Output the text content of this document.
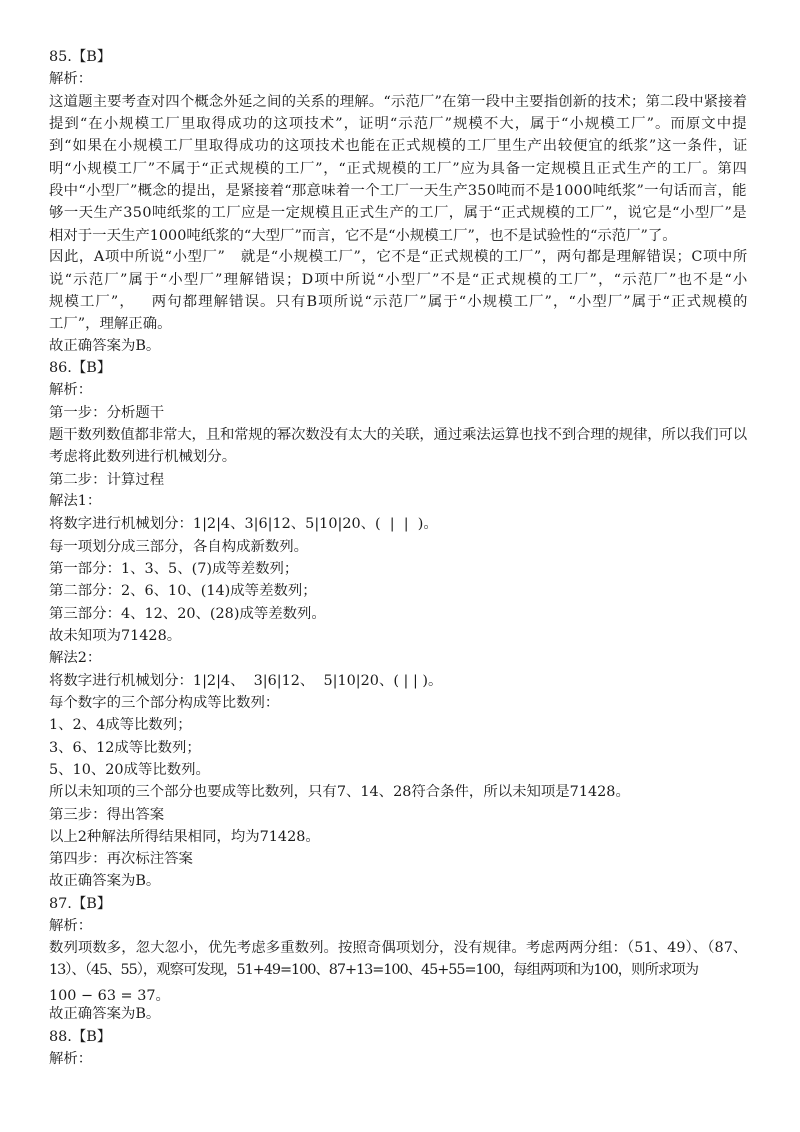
85.【B】
解析：
这道题主要考查对四个概念外延之间的关系的理解。“示范厂”在第一段中主要指创新的技术；第二段中紧接着
提到“在小规模工厂里取得成功的这项技术”，证明“示范厂”规模不大，属于“小规模工厂”。而原文中提
到“如果在小规模工厂里取得成功的这项技术也能在正式规模的工厂里生产出较便宜的纸浆”这一条件，证
明“小规模工厂”不属于“正式规模的工厂”，“正式规模的工厂”应为具备一定规模且正式生产的工厂。第四
段中“小型厂”概念的提出，是紧接着“那意味着一个工厂一天生产350吨而不是1000吨纸浆”一句话而言，能
够一天生产350吨纸浆的工厂应是一定规模且正式生产的工厂，属于“正式规模的工厂”，说它是“小型厂”是
相对于一天生产1000吨纸浆的“大型厂”而言，它不是“小规模工厂”，也不是试验性的“示范厂”了。
因此，A项中所说“小型厂”   就是“小规模工厂”，它不是“正式规模的工厂”，两句都是理解错误；C项中所
说“示范厂”属于“小型厂”理解错误；D项中所说“小型厂”不是“正式规模的工厂”，“示范厂”也不是“小
规模工厂”，   两句都理解错误。只有B项所说“示范厂”属于“小规模工厂”，“小型厂”属于“正式规模的
工厂”，理解正确。
故正确答案为B。
86.【B】
解析：
第一步：分析题干
题干数列数值都非常大，且和常规的幂次数没有太大的关联，通过乘法运算也找不到合理的规律，所以我们可以
考虑将此数列进行机械划分。
第二步：计算过程
解法1：
将数字进行机械划分：1|2|4、3|6|12、5|10|20、(  |  |  )。
每一项划分成三部分，各自构成新数列。
第一部分：1、3、5、(7)成等差数列；
第二部分：2、6、10、(14)成等差数列；
第三部分：4、12、20、(28)成等差数列。
故未知项为71428。
解法2：
将数字进行机械划分：1|2|4、  3|6|12、  5|10|20、( | | )。
每个数字的三个部分构成等比数列：
1、2、4成等比数列；
3、6、12成等比数列；
5、10、20成等比数列。
所以未知项的三个部分也要成等比数列，只有7、14、28符合条件，所以未知项是71428。
第三步：得出答案
以上2种解法所得结果相同，均为71428。
第四步：再次标注答案
故正确答案为B。
87.【B】
解析：
数列项数多，忽大忽小，优先考虑多重数列。按照奇偶项划分，没有规律。考虑两两分组：（51、49）、（87、
13）、（45、55），观察可发现，51+49=100、87+13=100、45+55=100，每组两项和为100，则所求项为
100 − 63 = 37。
故正确答案为B。
88.【B】
解析：
